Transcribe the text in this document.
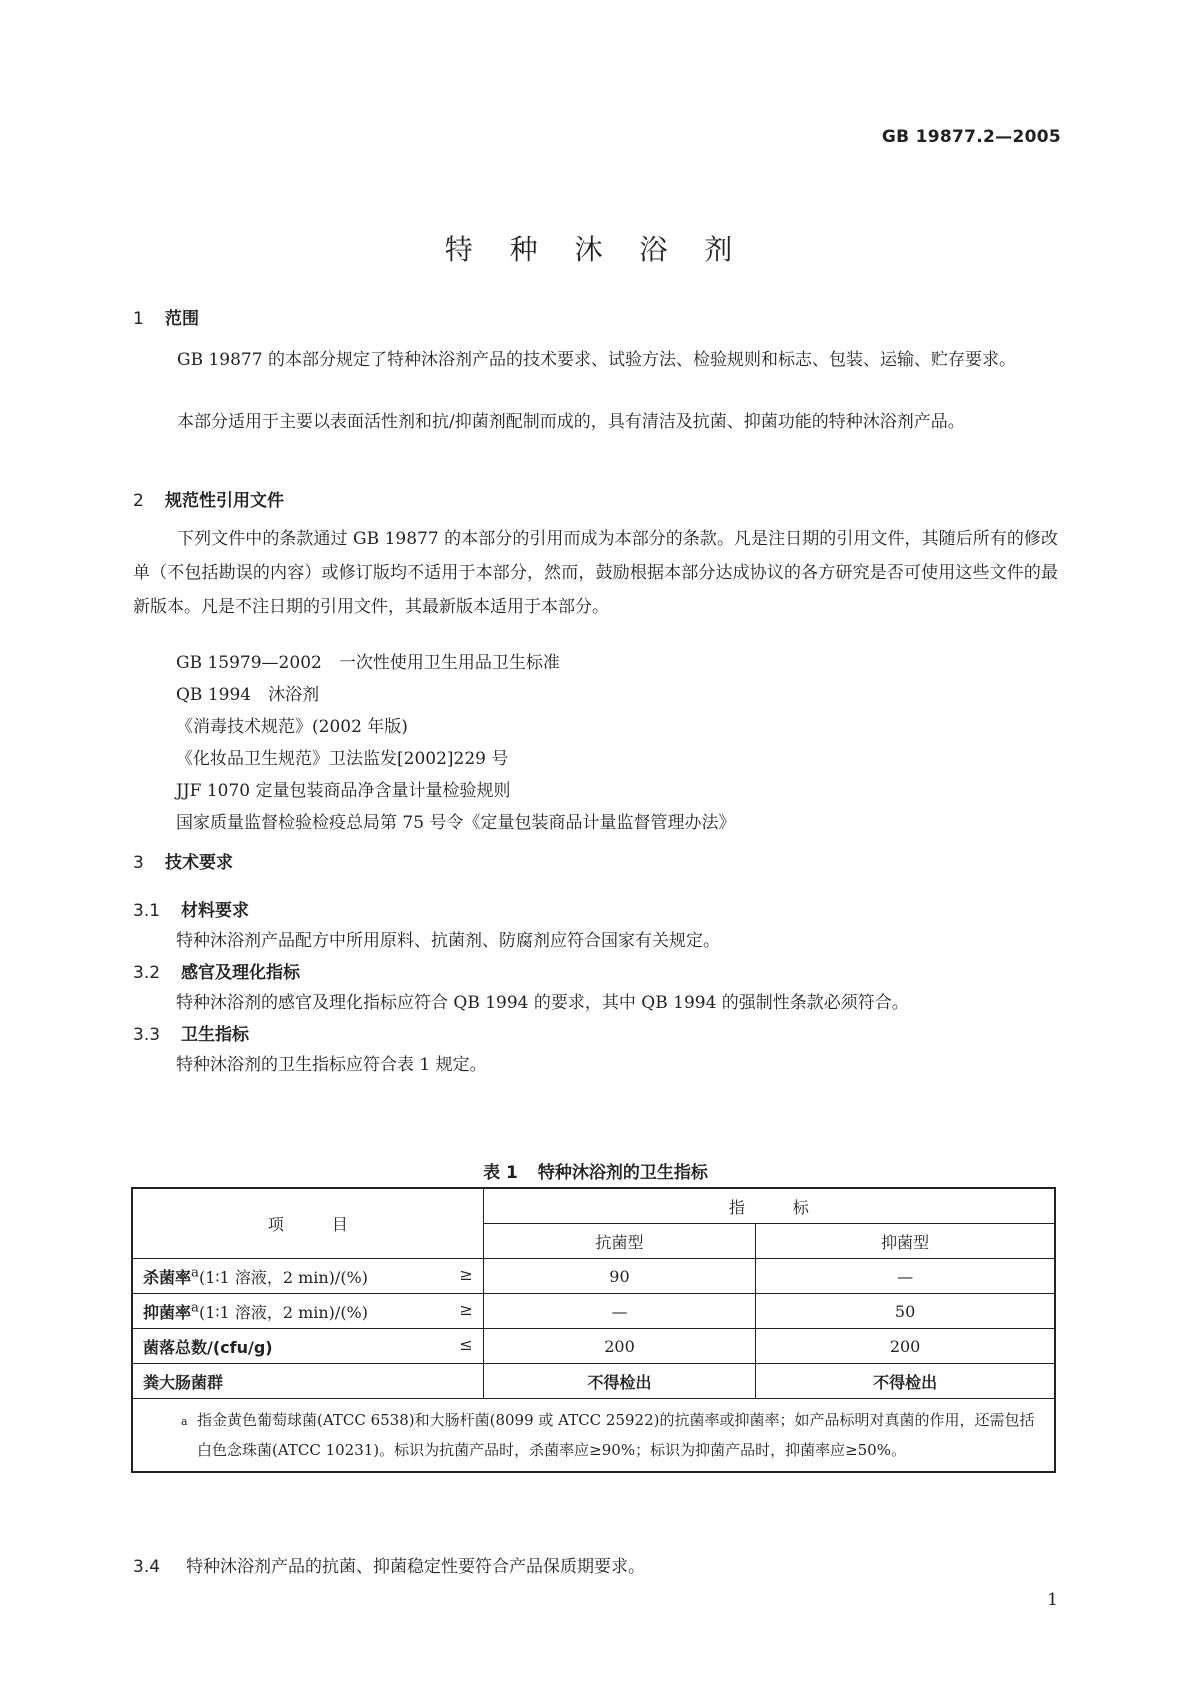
GB 19877.2—2005
特 种 沐 浴 剂
1 范围
GB 19877 的本部分规定了特种沐浴剂产品的技术要求、试验方法、检验规则和标志、包装、运输、贮存要求。
本部分适用于主要以表面活性剂和抗/抑菌剂配制而成的，具有清洁及抗菌、抑菌功能的特种沐浴剂产品。
2 规范性引用文件
下列文件中的条款通过 GB 19877 的本部分的引用而成为本部分的条款。凡是注日期的引用文件，其随后所有的修改单（不包括勘误的内容）或修订版均不适用于本部分，然而，鼓励根据本部分达成协议的各方研究是否可使用这些文件的最新版本。凡是不注日期的引用文件，其最新版本适用于本部分。
GB 15979—2002　一次性使用卫生用品卫生标准
QB 1994　沐浴剂
《消毒技术规范》(2002 年版)
《化妆品卫生规范》卫法监发[2002]229 号
JJF 1070 定量包装商品净含量计量检验规则
国家质量监督检验检疫总局第 75 号令《定量包装商品计量监督管理办法》
3 技术要求
3.1 材料要求
特种沐浴剂产品配方中所用原料、抗菌剂、防腐剂应符合国家有关规定。
3.2 感官及理化指标
特种沐浴剂的感官及理化指标应符合 QB 1994 的要求，其中 QB 1994 的强制性条款必须符合。
3.3 卫生指标
特种沐浴剂的卫生指标应符合表 1 规定。
表 1 特种沐浴剂的卫生指标
项　　　目	指　　　标	
	抗菌型	抑菌型
杀菌率$^a$(1∶1 溶液，2 min)/(%) ≥	90	—
抑菌率$^a$(1∶1 溶液，2 min)/(%) ≥	—	50
菌落总数/(cfu/g) ≤	200	200
粪大肠菌群	不得检出	不得检出

a 指金黄色葡萄球菌(ATCC 6538)和大肠杆菌(8099 或 ATCC 25922)的抗菌率或抑菌率；如产品标明对真菌的作用，还需包括白色念珠菌(ATCC 10231)。标识为抗菌产品时，杀菌率应≥90%；标识为抑菌产品时，抑菌率应≥50%。		
3.4 特种沐浴剂产品的抗菌、抑菌稳定性要符合产品保质期要求。
1
